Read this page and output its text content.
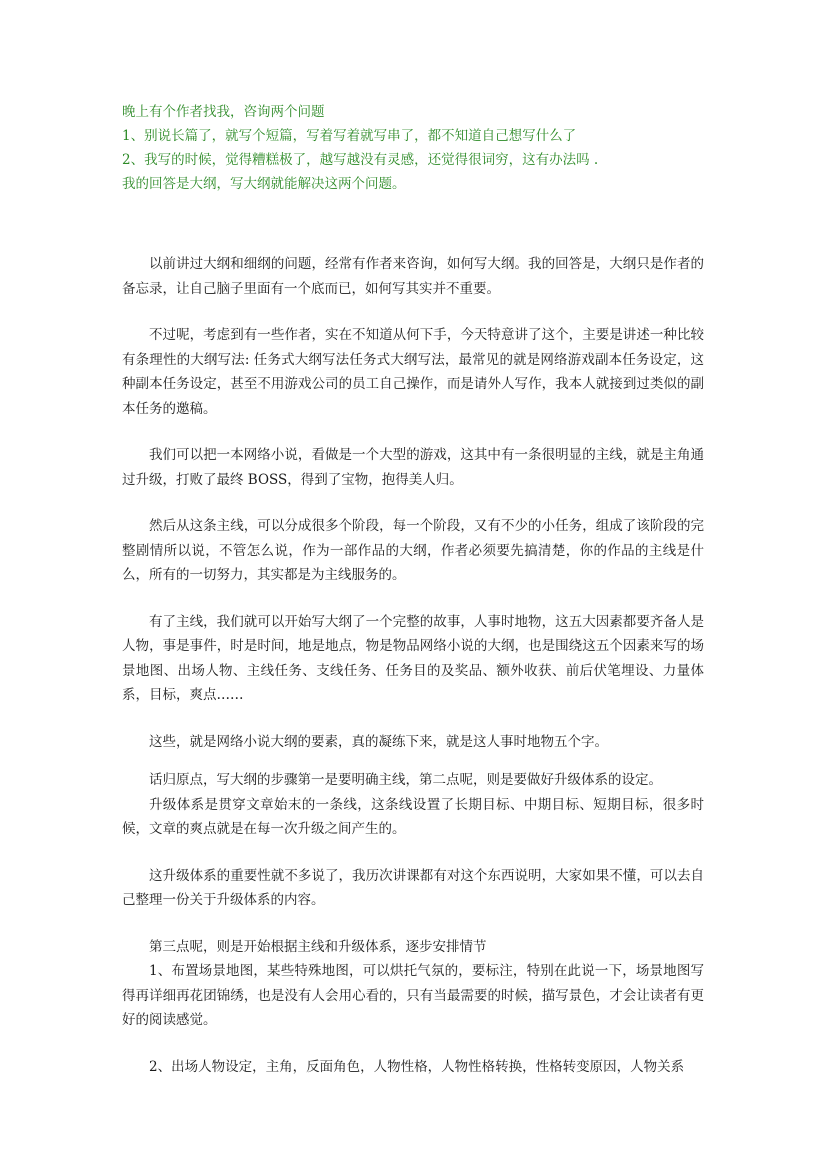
晚上有个作者找我，咨询两个问题
1、别说长篇了，就写个短篇，写着写着就写串了，都不知道自己想写什么了
2、我写的时候，觉得糟糕极了，越写越没有灵感，还觉得很词穷，这有办法吗 .
我的回答是大纲，写大纲就能解决这两个问题。

以前讲过大纲和细纲的问题，经常有作者来咨询，如何写大纲。我的回答是，大纲只是作者的备忘录，让自己脑子里面有一个底而已，如何写其实并不重要。

不过呢，考虑到有一些作者，实在不知道从何下手，今天特意讲了这个，主要是讲述一种比较有条理性的大纲写法: 任务式大纲写法任务式大纲写法，最常见的就是网络游戏副本任务设定，这种副本任务设定，甚至不用游戏公司的员工自己操作，而是请外人写作，我本人就接到过类似的副本任务的邀稿。

我们可以把一本网络小说，看做是一个大型的游戏，这其中有一条很明显的主线，就是主角通过升级，打败了最终 BOSS，得到了宝物，抱得美人归。

然后从这条主线，可以分成很多个阶段，每一个阶段，又有不少的小任务，组成了该阶段的完整剧情所以说，不管怎么说，作为一部作品的大纲，作者必须要先搞清楚，你的作品的主线是什么，所有的一切努力，其实都是为主线服务的。

有了主线，我们就可以开始写大纲了一个完整的故事，人事时地物，这五大因素都要齐备人是人物，事是事件，时是时间，地是地点，物是物品网络小说的大纲，也是围绕这五个因素来写的场景地图、出场人物、主线任务、支线任务、任务目的及奖品、额外收获、前后伏笔埋设、力量体系，目标，爽点……

这些，就是网络小说大纲的要素，真的凝练下来，就是这人事时地物五个字。

话归原点，写大纲的步骤第一是要明确主线，第二点呢，则是要做好升级体系的设定。

升级体系是贯穿文章始末的一条线，这条线设置了长期目标、中期目标、短期目标，很多时候，文章的爽点就是在每一次升级之间产生的。

这升级体系的重要性就不多说了，我历次讲课都有对这个东西说明，大家如果不懂，可以去自己整理一份关于升级体系的内容。

第三点呢，则是开始根据主线和升级体系，逐步安排情节

1、布置场景地图，某些特殊地图，可以烘托气氛的，要标注，特别在此说一下，场景地图写得再详细再花团锦绣，也是没有人会用心看的，只有当最需要的时候，描写景色，才会让读者有更好的阅读感觉。

2、出场人物设定，主角，反面角色，人物性格，人物性格转换，性格转变原因，人物关系
